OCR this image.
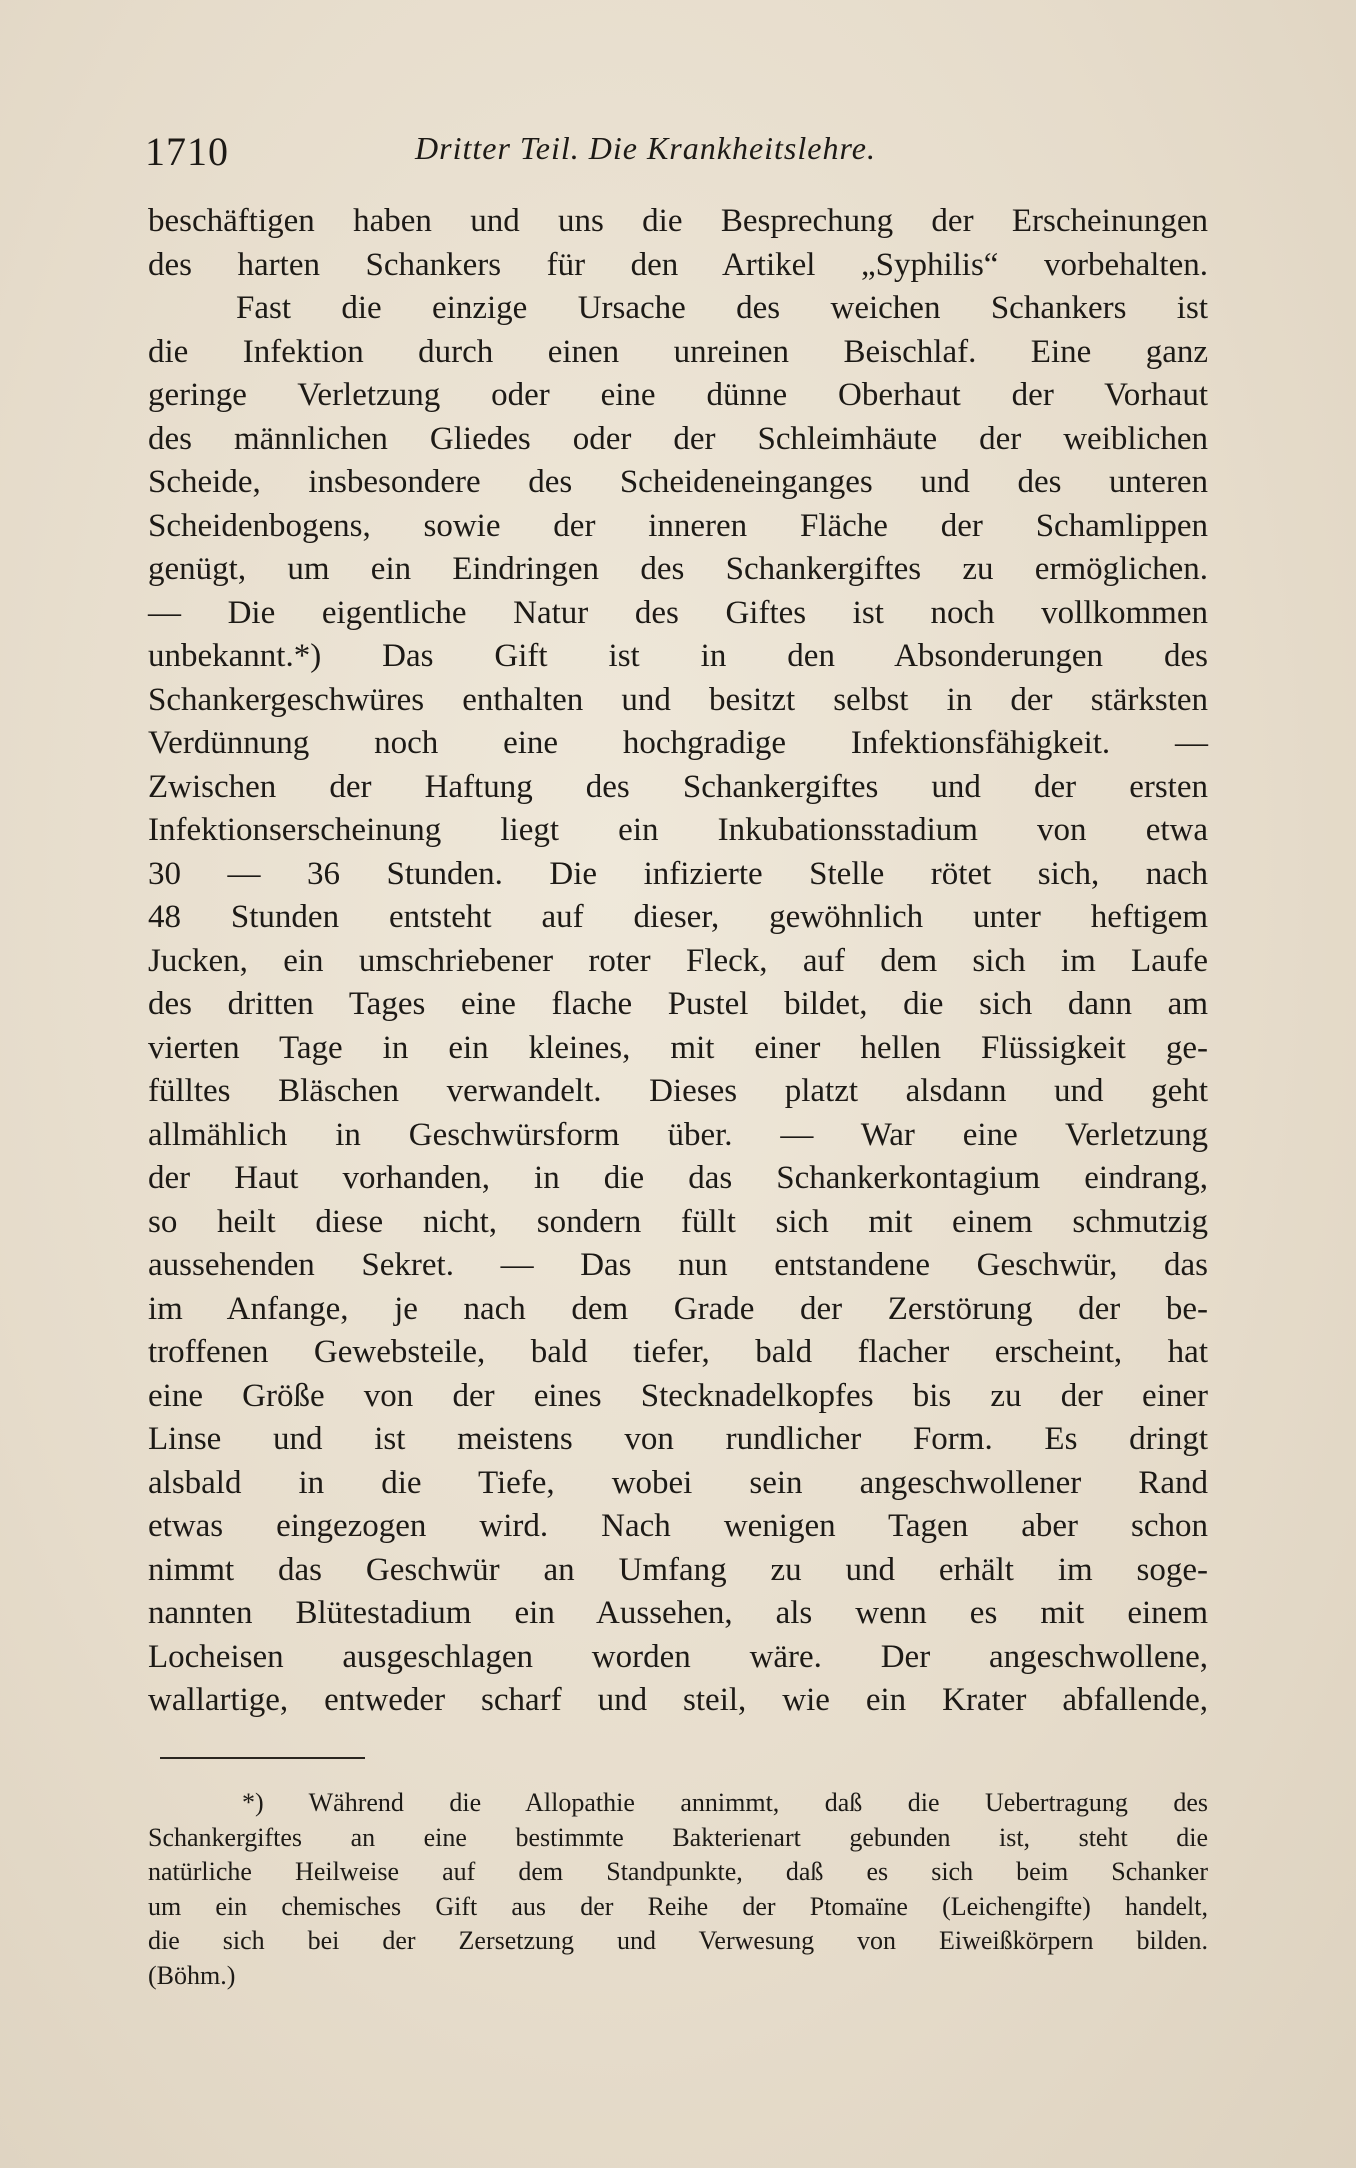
1710	Dritter Teil. Die Krankheitslehre.
beschäftigen haben und uns die Besprechung der Erscheinungen
des harten Schankers für den Artikel „Syphilis“ vorbehalten.
Fast die einzige Ursache des weichen Schankers ist
die Infektion durch einen unreinen Beischlaf. Eine ganz
geringe Verletzung oder eine dünne Oberhaut der Vorhaut
des männlichen Gliedes oder der Schleimhäute der weiblichen
Scheide, insbesondere des Scheideneinganges und des unteren
Scheidenbogens, sowie der inneren Fläche der Schamlippen
genügt, um ein Eindringen des Schankergiftes zu ermöglichen.
— Die eigentliche Natur des Giftes ist noch vollkommen
unbekannt.*) Das Gift ist in den Absonderungen des
Schankergeschwüres enthalten und besitzt selbst in der stärksten
Verdünnung noch eine hochgradige Infektionsfähigkeit. —
Zwischen der Haftung des Schankergiftes und der ersten
Infektionserscheinung liegt ein Inkubationsstadium von etwa
30 — 36 Stunden. Die infizierte Stelle rötet sich, nach
48 Stunden entsteht auf dieser, gewöhnlich unter heftigem
Jucken, ein umschriebener roter Fleck, auf dem sich im Laufe
des dritten Tages eine flache Pustel bildet, die sich dann am
vierten Tage in ein kleines, mit einer hellen Flüssigkeit ge-
fülltes Bläschen verwandelt. Dieses platzt alsdann und geht
allmählich in Geschwürsform über. — War eine Verletzung
der Haut vorhanden, in die das Schankerkontagium eindrang,
so heilt diese nicht, sondern füllt sich mit einem schmutzig
aussehenden Sekret. — Das nun entstandene Geschwür, das
im Anfange, je nach dem Grade der Zerstörung der be-
troffenen Gewebsteile, bald tiefer, bald flacher erscheint, hat
eine Größe von der eines Stecknadelkopfes bis zu der einer
Linse und ist meistens von rundlicher Form. Es dringt
alsbald in die Tiefe, wobei sein angeschwollener Rand
etwas eingezogen wird. Nach wenigen Tagen aber schon
nimmt das Geschwür an Umfang zu und erhält im soge-
nannten Blütestadium ein Aussehen, als wenn es mit einem
Locheisen ausgeschlagen worden wäre. Der angeschwollene,
wallartige, entweder scharf und steil, wie ein Krater abfallende,
*) Während die Allopathie annimmt, daß die Uebertragung des
Schankergiftes an eine bestimmte Bakterienart gebunden ist, steht die
natürliche Heilweise auf dem Standpunkte, daß es sich beim Schanker
um ein chemisches Gift aus der Reihe der Ptomaïne (Leichengifte) handelt,
die sich bei der Zersetzung und Verwesung von Eiweißkörpern bilden.
(Böhm.)
